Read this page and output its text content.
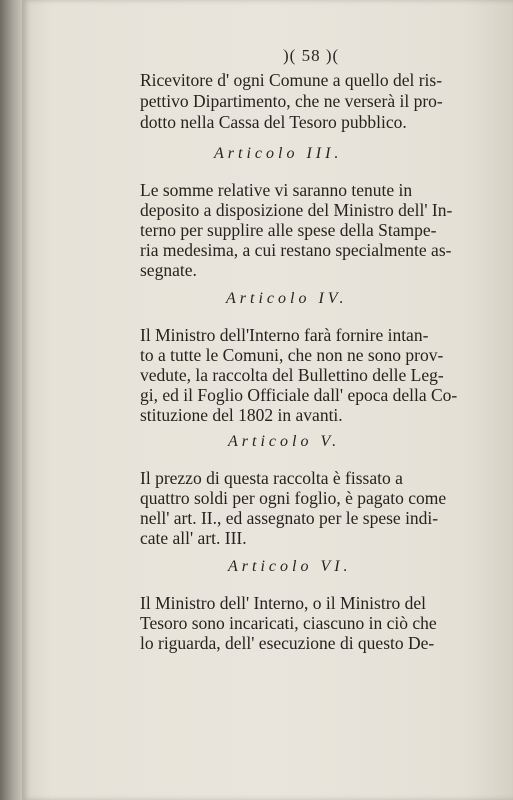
)( 58 )(
Ricevitore d' ogni Comune a quello del ris-
pettivo Dipartimento, che ne verserà il pro-
dotto nella Cassa del Tesoro pubblico.
Articolo III.
Le somme relative vi saranno tenute in
deposito a disposizione del Ministro dell' In-
terno per supplire alle spese della Stampe-
ria medesima, a cui restano specialmente as-
segnate.
Articolo IV.
Il Ministro dell'Interno farà fornire intan-
to a tutte le Comuni, che non ne sono prov-
vedute, la raccolta del Bullettino delle Leg-
gi, ed il Foglio Officiale dall' epoca della Co-
stituzione del 1802 in avanti.
Articolo V.
Il prezzo di questa raccolta è fissato a
quattro soldi per ogni foglio, è pagato come
nell' art. II., ed assegnato per le spese indi-
cate all' art. III.
Articolo VI.
Il Ministro dell' Interno, o il Ministro del
Tesoro sono incaricati, ciascuno in ciò che
lo riguarda, dell' esecuzione di questo De-
